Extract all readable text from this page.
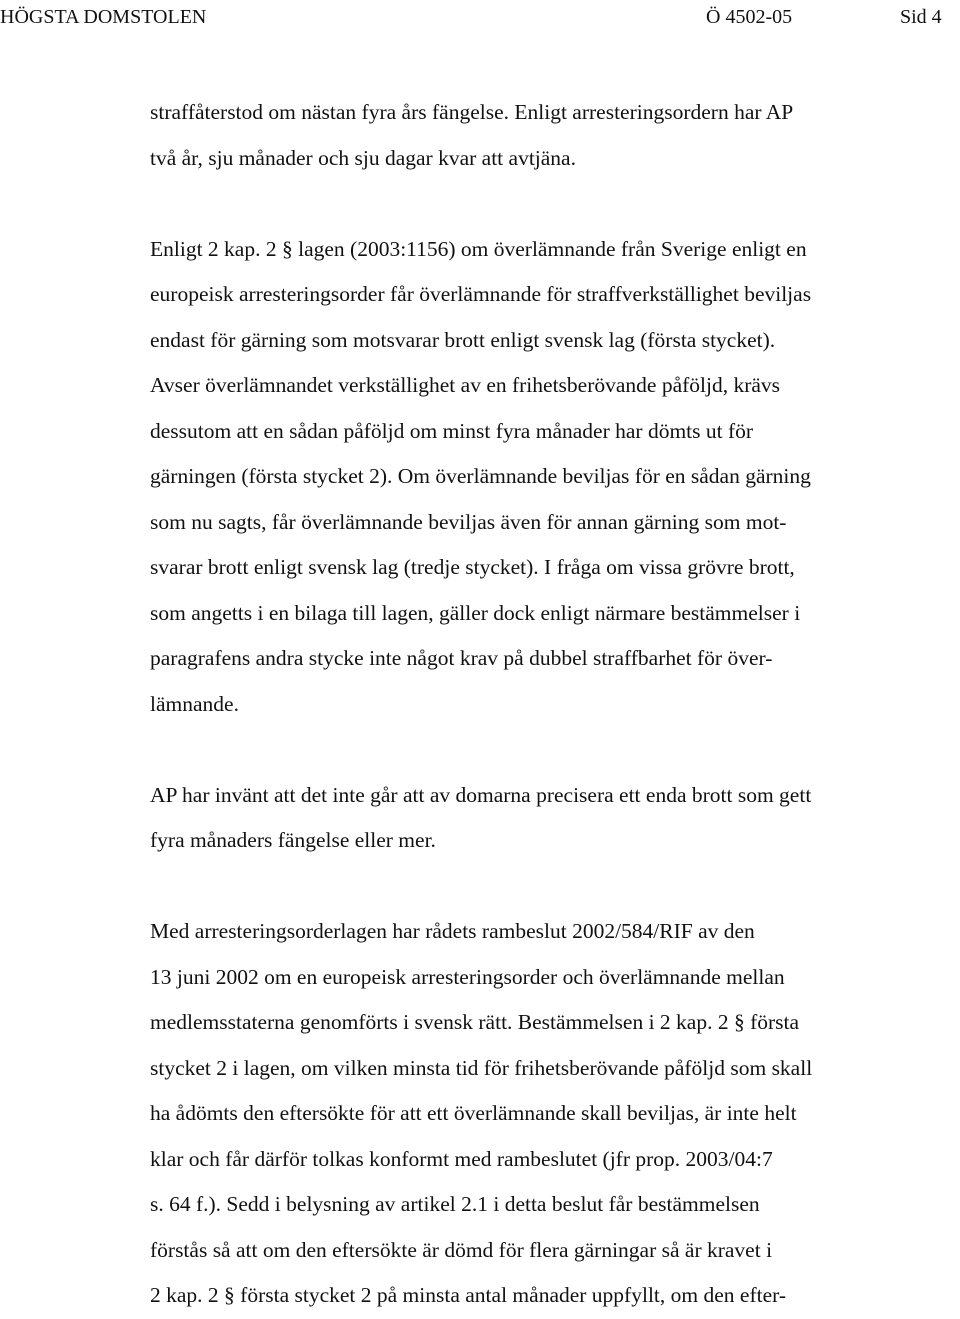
HÖGSTA DOMSTOLEN	Ö 4502-05	Sid 4
straffåterstod om nästan fyra års fängelse. Enligt arresteringsordern har AP
två år, sju månader och sju dagar kvar att avtjäna.
Enligt 2 kap. 2 § lagen (2003:1156) om överlämnande från Sverige enligt en
europeisk arresteringsorder får överlämnande för straffverkställighet beviljas
endast för gärning som motsvarar brott enligt svensk lag (första stycket).
Avser överlämnandet verkställighet av en frihetsberövande påföljd, krävs
dessutom att en sådan påföljd om minst fyra månader har dömts ut för
gärningen (första stycket 2). Om överlämnande beviljas för en sådan gärning
som nu sagts, får överlämnande beviljas även för annan gärning som mot-
svarar brott enligt svensk lag (tredje stycket). I fråga om vissa grövre brott,
som angetts i en bilaga till lagen, gäller dock enligt närmare bestämmelser i
paragrafens andra stycke inte något krav på dubbel straffbarhet för över-
lämnande.
AP har invänt att det inte går att av domarna precisera ett enda brott som gett
fyra månaders fängelse eller mer.
Med arresteringsorderlagen har rådets rambeslut 2002/584/RIF av den
13 juni 2002 om en europeisk arresteringsorder och överlämnande mellan
medlemsstaterna genomförts i svensk rätt. Bestämmelsen i 2 kap. 2 § första
stycket 2 i lagen, om vilken minsta tid för frihetsberövande påföljd som skall
ha ådömts den eftersökte för att ett överlämnande skall beviljas, är inte helt
klar och får därför tolkas konformt med rambeslutet (jfr prop. 2003/04:7
s. 64 f.). Sedd i belysning av artikel 2.1 i detta beslut får bestämmelsen
förstås så att om den eftersökte är dömd för flera gärningar så är kravet i
2 kap. 2 § första stycket 2 på minsta antal månader uppfyllt, om den efter-
